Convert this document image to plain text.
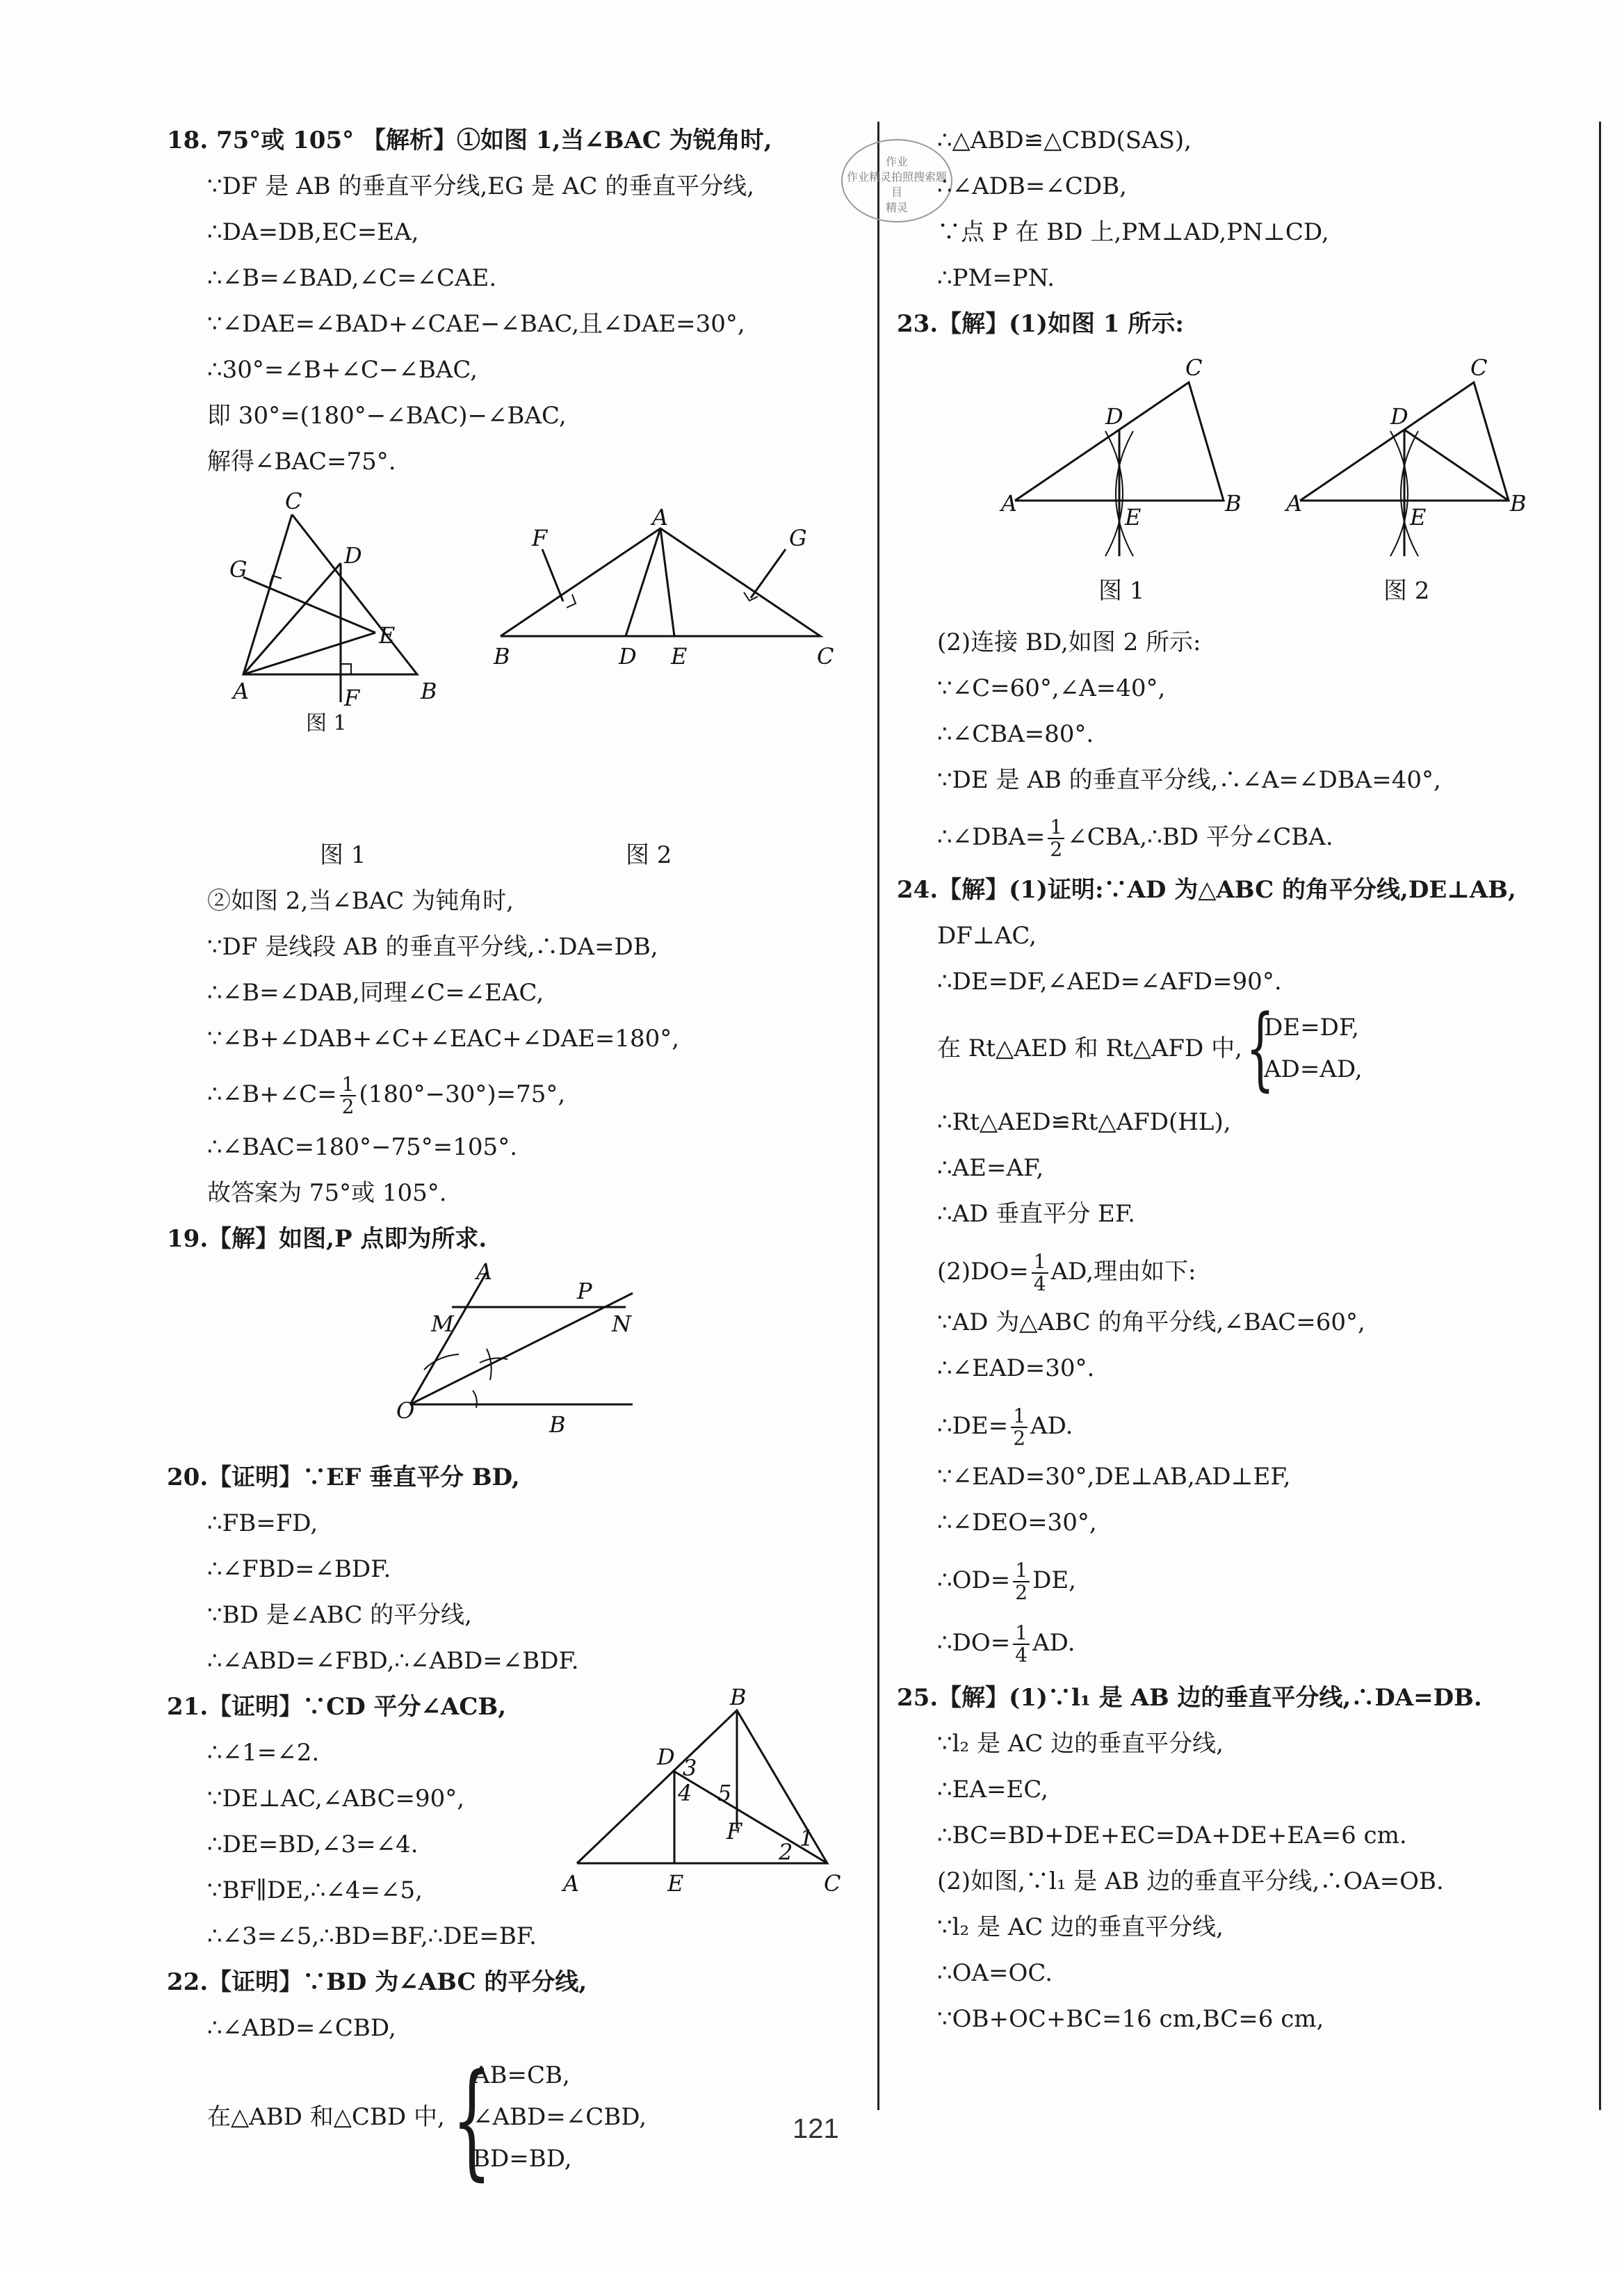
作业
作业精灵拍照搜索题目
精灵
18. 75°或 105° 【解析】①如图 1,当∠BAC 为锐角时,
∵DF 是 AB 的垂直平分线,EG 是 AC 的垂直平分线,
∴DA=DB,EC=EA,
∴∠B=∠BAD,∠C=∠CAE.
∵∠DAE=∠BAD+∠CAE−∠BAC,且∠DAE=30°,
∴30°=∠B+∠C−∠BAC,
即 30°=(180°−∠BAC)−∠BAC,
解得∠BAC=75°.
C
D
G
E
A	F	B
图 1
图 1
A
F	G
B	D E	C
图 2
②如图 2,当∠BAC 为钝角时,
∵DF 是线段 AB 的垂直平分线,∴DA=DB,
∴∠B=∠DAB,同理∠C=∠EAC,
∵∠B+∠DAB+∠C+∠EAC+∠DAE=180°,
∴∠B+∠C= $\frac{1}{2} (180^\circ-30^\circ)=75^\circ$,
∴∠BAC=180°−75°=105°.
故答案为 75°或 105°.
19.【解】如图,P 点即为所求.
A
M
P
N
O
B
20.【证明】∵EF 垂直平分 BD,
∴FB=FD,
∴∠FBD=∠BDF.
∵BD 是∠ABC 的平分线,
∴∠ABD=∠FBD,∴∠ABD=∠BDF.
21.【证明】∵CD 平分∠ACB,
∴∠1=∠2.
∵DE⊥AC,∠ABC=90°,
∴DE=BD,∠3=∠4.
∵BF∥DE,∴∠4=∠5,
∴∠3=∠5,∴BD=BF,∴DE=BF.
B
D 3
5
4
F	1
2
A	E	C
22.【证明】∵BD 为∠ABC 的平分线,
∴∠ABD=∠CBD,
在△ABD 和△CBD 中, {
AB=CB,
∠ABD=∠CBD,
BD=BD,
∴△ABD≌△CBD(SAS),
∴∠ADB=∠CDB,
∵点 P 在 BD 上,PM⊥AD,PN⊥CD,
∴PM=PN.
23.【解】(1)如图 1 所示:
C
D
A
E
B
图 1
C
D
A
E
B
图 2
(2)连接 BD,如图 2 所示:
∵∠C=60°,∠A=40°,
∴∠CBA=80°.
∵DE 是 AB 的垂直平分线,∴∠A=∠DBA=40°,
∴∠DBA= $\frac{1}{2}$ ∠CBA,∴BD 平分∠CBA.
24.【解】(1)证明:∵AD 为△ABC 的角平分线,DE⊥AB,
DF⊥AC,
∴DE=DF,∠AED=∠AFD=90°.
在 Rt△AED 和 Rt△AFD 中, {
DE=DF,
AD=AD,
∴Rt△AED≌Rt△AFD(HL),
∴AE=AF,
∴AD 垂直平分 EF.
$(2)DO= \frac{1}{4}$ AD,理由如下:
∵AD 为△ABC 的角平分线,∠BAC=60°,
∴∠EAD=30°.
∴DE= $\frac{1}{2}$ AD.
∵∠EAD=30°,DE⊥AB,AD⊥EF,
∴∠DEO=30°,
∴OD= $\frac{1}{2}$ DE,
∴DO= $\frac{1}{4}$ AD.
25.【解】(1)∵l₁ 是 AB 边的垂直平分线,∴DA=DB.
∵l₂ 是 AC 边的垂直平分线,
∴EA=EC,
∴BC=BD+DE+EC=DA+DE+EA=6 cm.
(2)如图,∵l₁ 是 AB 边的垂直平分线,∴OA=OB.
∵l₂ 是 AC 边的垂直平分线,
∴OA=OC.
∵OB+OC+BC=16 cm,BC=6 cm,
121
